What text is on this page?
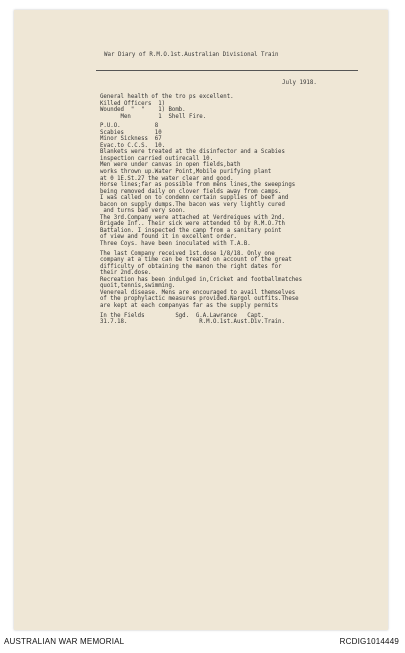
War Diary of R.M.O.1st.Australian Divisional Train
July 1918.
General health of the tro ps excellent.
Killed Officers  1)
Wounded  "  "    1) Bomb.
Men        1  Shell Fire.
P.U.O.          8
Scabies         10
Minor Sickness  67
Evac.to C.C.S.  10.
Blankets were treated at the disinfector and a Scabies
inspection carried outirecall 10.
Men were under canvas in open fields,bath
works thrown up.Water Point,Mobile purifying plant
at 0 1E.St.27 the water clear and good.
Horse lines;far as possible from mens lines,the sweepings
being removed daily on clover fields away from camps.
I was called on to condemn certain supplies of beef and
bacon on supply dumps.The bacon was very lightly cured
and turns bad very soon.
The 3rd.Company were attached at Verdreigues with 2nd.
Brigade Inf.. Their sick were attended to by R.M.O.7th
Battalion. I inspected the camp from a sanitary point
of view and found it in excellent order.
Three Coys. have been inoculated with T.A.B.
The last Company received 1st.dose 1/8/18. Only one
company at a time can be treated on account of the great
difficulty of obtaining the manon the right dates for
their 2nd.dose.
Recreation has been indulged in,Cricket and footballmatches
quoit,tennis,swimming.
Venereal disease. Mens are encouraged to avail themselves
of the prophylactic measures provided.Nargol outfits.These
are kept at each companyas far as the supply permits
In the Fields         Sgd.  G.A.Lawrance   Capt.
31.7.18.                     R.M.O.1st.Aust.Div.Train.
AUSTRALIAN WAR MEMORIAL	RCDIG1014449
